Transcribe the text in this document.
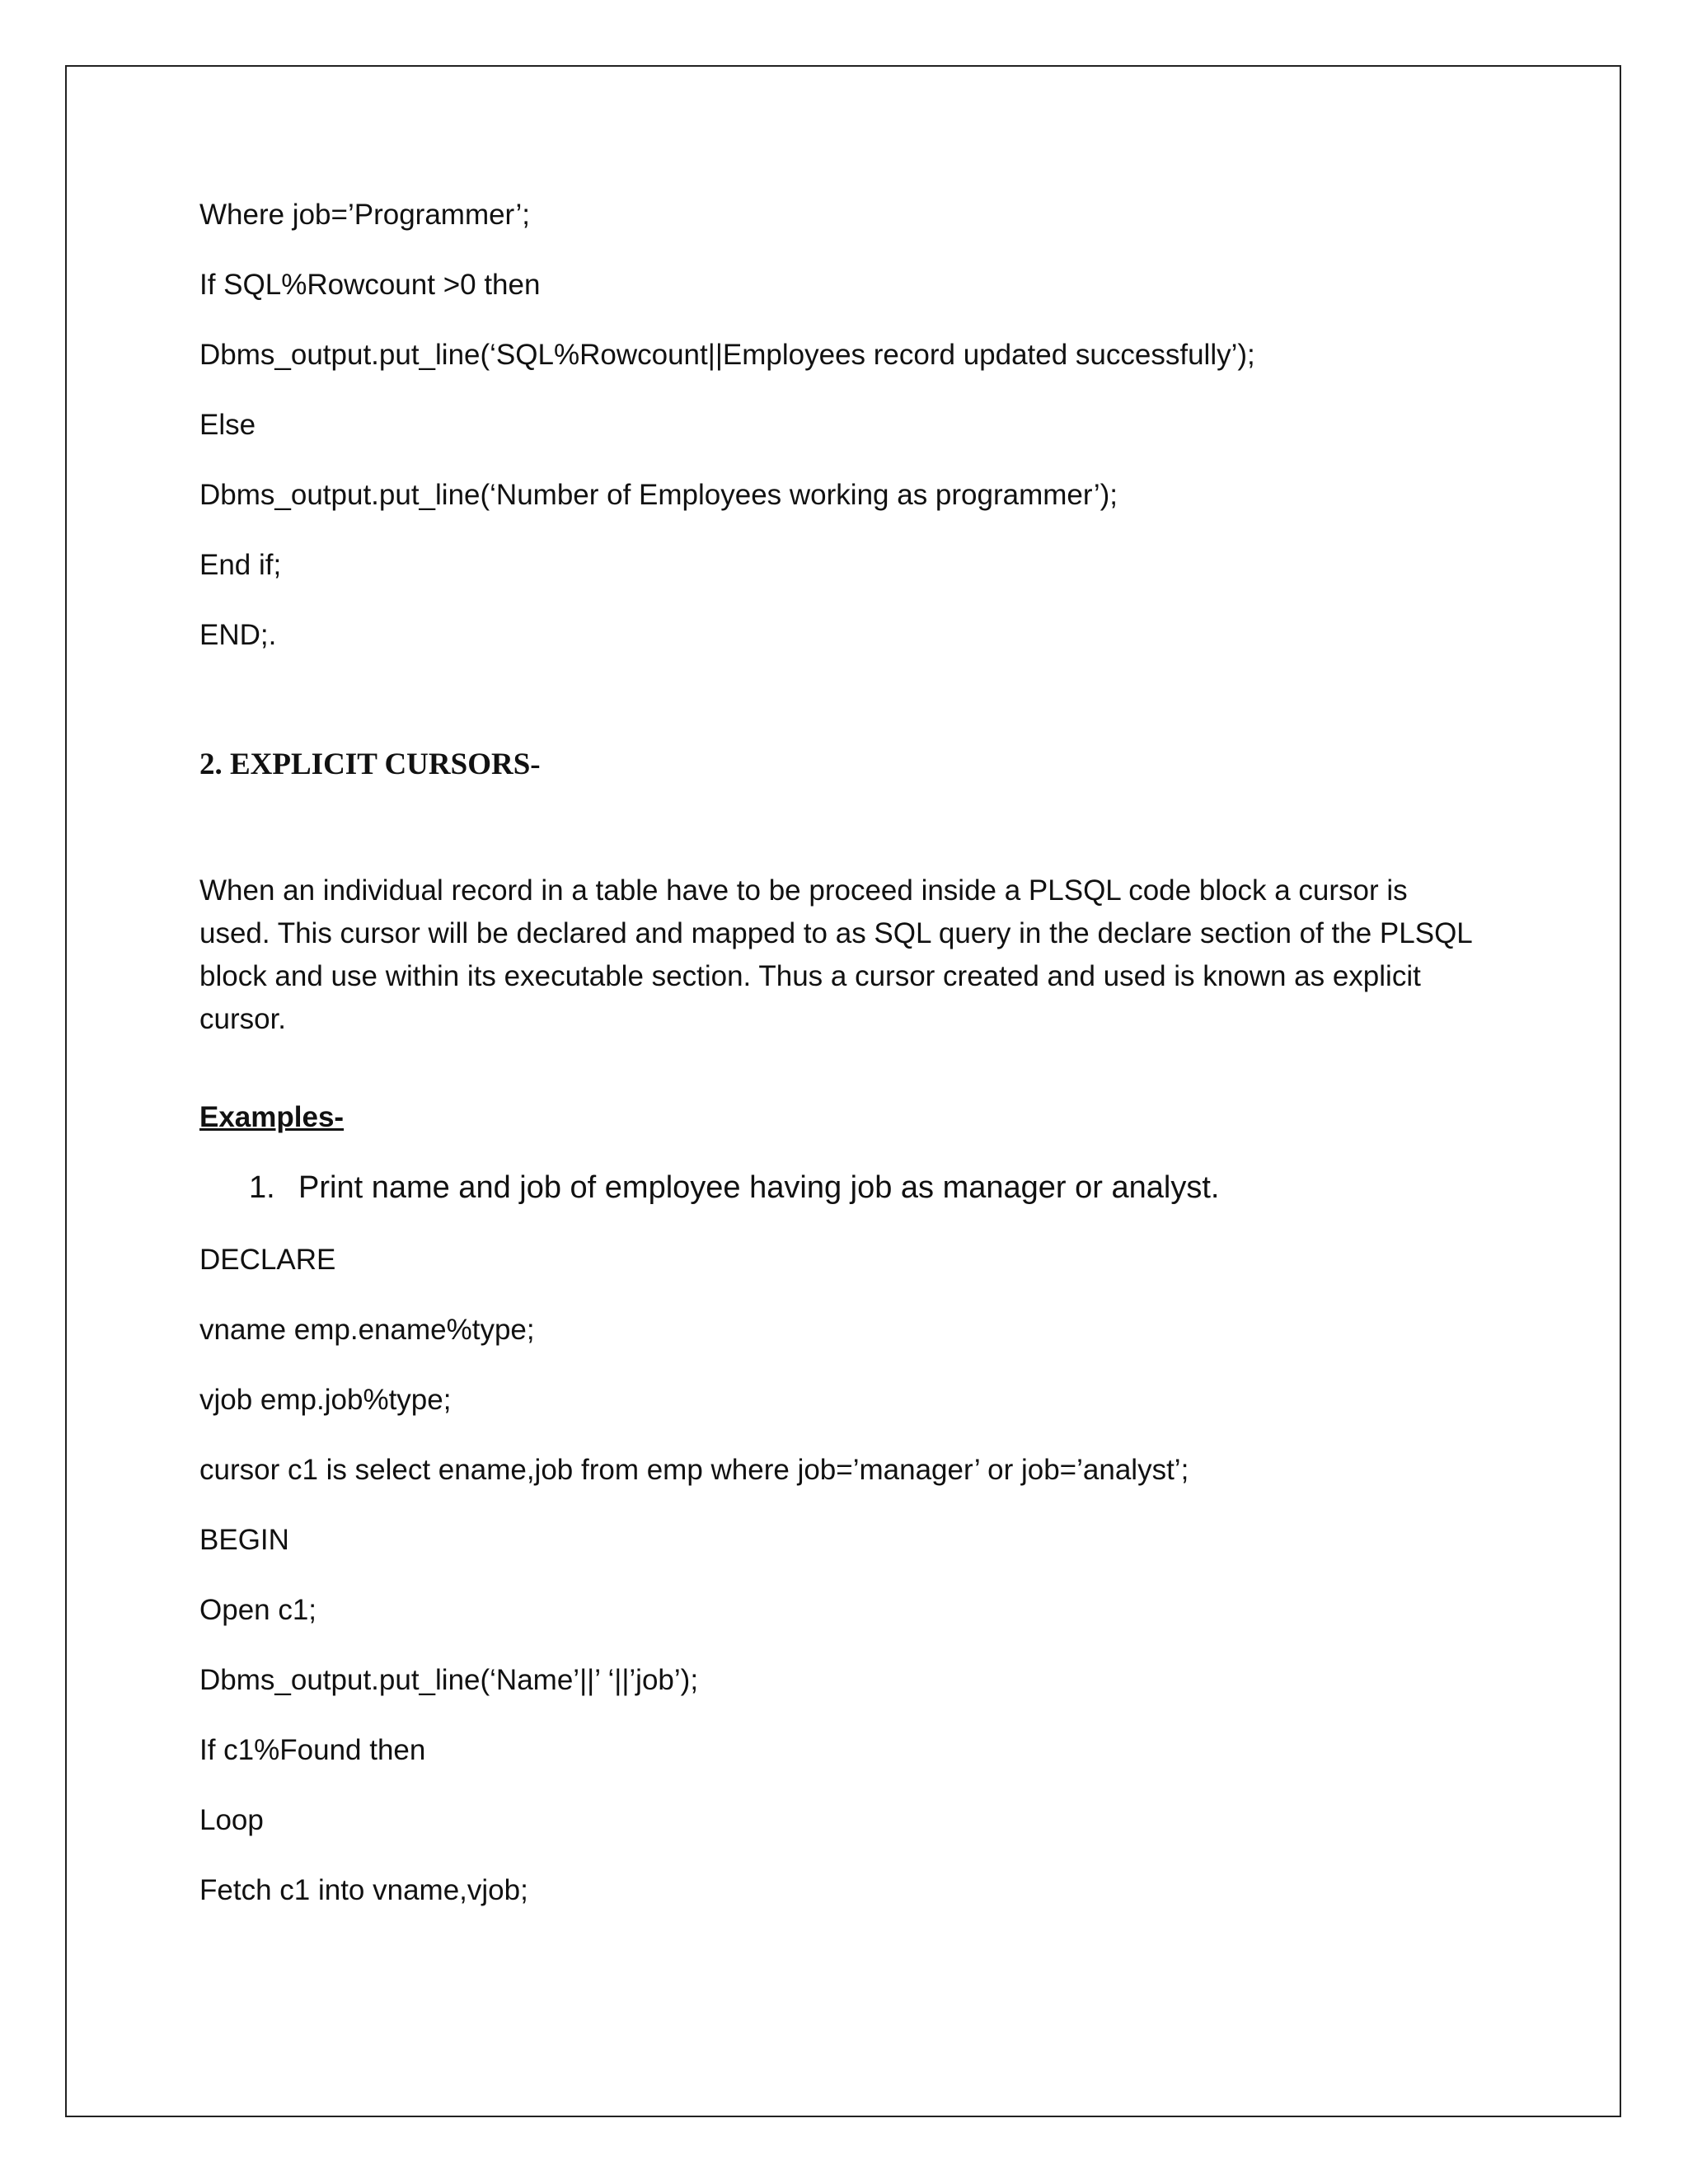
Where job=’Programmer’;
If SQL%Rowcount >0 then
Dbms_output.put_line(‘SQL%Rowcount||Employees record updated successfully’);
Else
Dbms_output.put_line(‘Number of Employees working as programmer’);
End if;
END;.
2. EXPLICIT CURSORS-
When an individual record in a table have to be proceed inside a PLSQL code block a cursor is used. This cursor will be declared and mapped to as SQL query in the declare section of the PLSQL block and use within its executable section. Thus a cursor created and used is known as explicit cursor.
Examples-
1. Print name and job of employee having job as manager or analyst.
DECLARE
vname emp.ename%type;
vjob emp.job%type;
cursor c1 is select ename,job from emp where job=’manager’ or job=’analyst’;
BEGIN
Open c1;
Dbms_output.put_line(‘Name’||’ ‘||’job’);
If c1%Found then
Loop
Fetch c1 into vname,vjob;
